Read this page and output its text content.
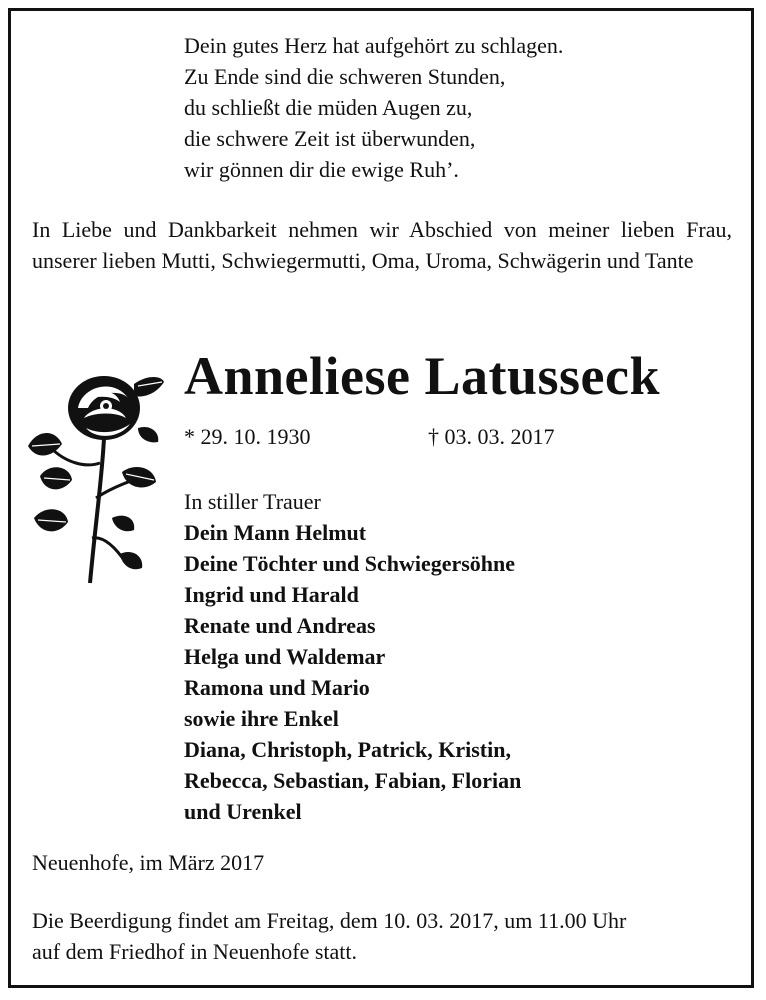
Dein gutes Herz hat aufgehört zu schlagen.
Zu Ende sind die schweren Stunden,
du schließt die müden Augen zu,
die schwere Zeit ist überwunden,
wir gönnen dir die ewige Ruh’.
In Liebe und Dankbarkeit nehmen wir Abschied von meiner lieben Frau, unserer lieben Mutti, Schwiegermutti, Oma, Uroma, Schwägerin und Tante
Anneliese Latusseck
* 29. 10. 1930	† 03. 03. 2017
In stiller Trauer
Dein Mann Helmut
Deine Töchter und Schwiegersöhne
Ingrid und Harald
Renate und Andreas
Helga und Waldemar
Ramona und Mario
sowie ihre Enkel
Diana, Christoph, Patrick, Kristin,
Rebecca, Sebastian, Fabian, Florian
und Urenkel
Neuenhofe, im März 2017
Die Beerdigung findet am Freitag, dem 10. 03. 2017, um 11.00 Uhr
auf dem Friedhof in Neuenhofe statt.
